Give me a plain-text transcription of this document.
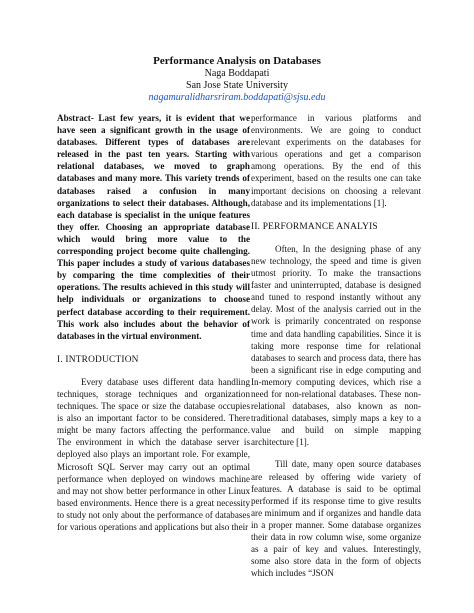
Performance Analysis on Databases
Naga Boddapati
San Jose State University
nagamuralidharsriram.boddapati@sjsu.edu

Abstract- Last few years, it is evident that we have seen a significant growth in the usage of databases. Different types of databases are released in the past ten years. Starting with relational databases, we moved to graph databases and many more. This variety trends of databases raised a confusion in many organizations to select their databases. Although, each database is specialist in the unique features they offer. Choosing an appropriate database which would bring more value to the corresponding project become quite challenging. This paper includes a study of various databases by comparing the time complexities of their operations. The results achieved in this study will help individuals or organizations to choose perfect database according to their requirement. This work also includes about the behavior of databases in the virtual environment.

I. INTRODUCTION

Every database uses different data handling techniques, storage techniques and organization techniques. The space or size the database occupies is also an important factor to be considered. There might be many factors affecting the performance. The environment in which the database server is deployed also plays an important role. For example, Microsoft SQL Server may carry out an optimal performance when deployed on windows machine and may not show better performance in other Linux based environments. Hence there is a great necessity to study not only about the performance of databases for various operations and applications but also their

performance in various platforms and environments. We are going to conduct relevant experiments on the databases for various operations and get a comparison among operations. By the end of this experiment, based on the results one can take important decisions on choosing a relevant database and its implementations [1].

II. PERFORMANCE ANALYIS

Often, In the designing phase of any new technology, the speed and time is given utmost priority. To make the transactions faster and uninterrupted, database is designed and tuned to respond instantly without any delay. Most of the analysis carried out in the work is primarily concentrated on response time and data handling capabilities. Since it is taking more response time for relational databases to search and process data, there has been a significant rise in edge computing and In-memory computing devices, which rise a need for non-relational databases. These non-relational databases, also known as non-traditional databases, simply maps a key to a value and build on simple mapping architecture [1].

Till date, many open source databases are released by offering wide variety of features. A database is said to be optimal performed if its response time to give results are minimum and if organizes and handle data in a proper manner. Some database organizes their data in row column wise, some organize as a pair of key and values. Interestingly, some also store data in the form of objects which includes “JSON
